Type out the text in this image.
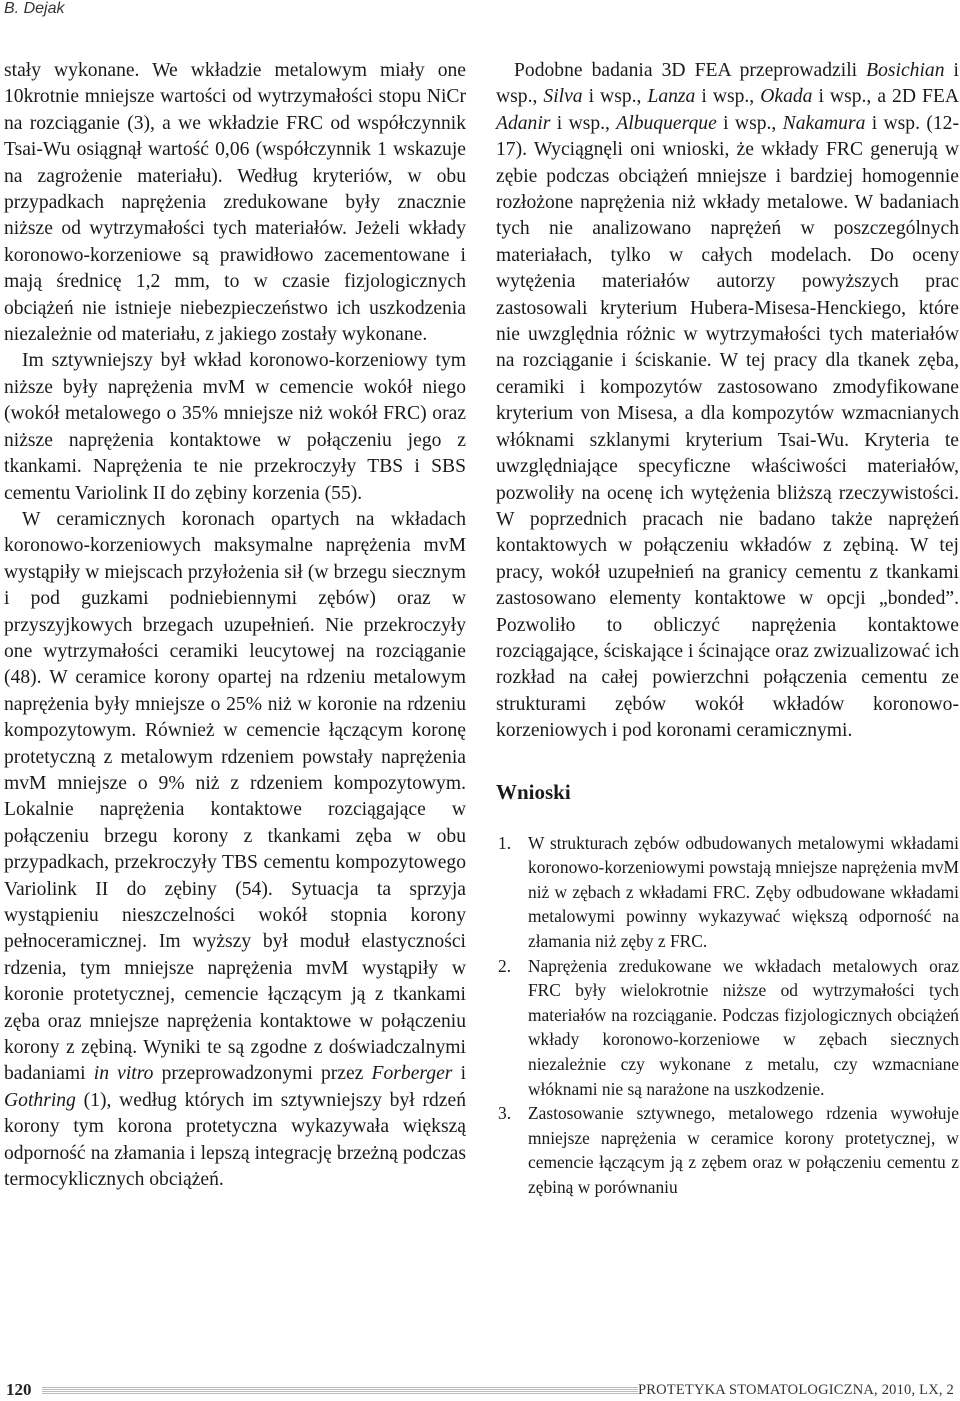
B. Dejak

stały wykonane. We wkładzie metalowym miały one 10krotnie mniejsze wartości od wytrzymałości stopu NiCr na rozciąganie (3), a we wkładzie FRC od współczynnik Tsai-Wu osiągnął wartość 0,06 (współczynnik 1 wskazuje na zagrożenie materiału). Według kryteriów, w obu przypadkach naprężenia zredukowane były znacznie niższe od wytrzymałości tych materiałów. Jeżeli wkłady koronowo-korzeniowe są prawidłowo zacementowane i mają średnicę 1,2 mm, to w czasie fizjologicznych obciążeń nie istnieje niebezpieczeństwo ich uszkodzenia niezależnie od materiału, z jakiego zostały wykonane.

Im sztywniejszy był wkład koronowo-korzeniowy tym niższe były naprężenia mvM w cemencie wokół niego (wokół metalowego o 35% mniejsze niż wokół FRC) oraz niższe naprężenia kontaktowe w połączeniu jego z tkankami. Naprężenia te nie przekroczyły TBS i SBS cementu Variolink II do zębiny korzenia (55).

W ceramicznych koronach opartych na wkładach koronowo-korzeniowych maksymalne naprężenia mvM wystąpiły w miejscach przyłożenia sił (w brzegu siecznym i pod guzkami podniebiennymi zębów) oraz w przyszyjkowych brzegach uzupełnień. Nie przekroczyły one wytrzymałości ceramiki leucytowej na rozciąganie (48). W ceramice korony opartej na rdzeniu metalowym naprężenia były mniejsze o 25% niż w koronie na rdzeniu kompozytowym. Również w cemencie łączącym koronę protetyczną z metalowym rdzeniem powstały naprężenia mvM mniejsze o 9% niż z rdzeniem kompozytowym. Lokalnie naprężenia kontaktowe rozciągające w połączeniu brzegu korony z tkankami zęba w obu przypadkach, przekroczyły TBS cementu kompozytowego Variolink II do zębiny (54). Sytuacja ta sprzyja wystąpieniu nieszczelności wokół stopnia korony pełnoceramicznej. Im wyższy był moduł elastyczności rdzenia, tym mniejsze naprężenia mvM wystąpiły w koronie protetycznej, cemencie łączącym ją z tkankami zęba oraz mniejsze naprężenia kontaktowe w połączeniu korony z zębiną. Wyniki te są zgodne z doświadczalnymi badaniami in vitro przeprowadzonymi przez Forberger i Gothring (1), według których im sztywniejszy był rdzeń korony tym korona protetyczna wykazywała większą odporność na złamania i lepszą integrację brzeżną podczas termocyklicznych obciążeń.

Podobne badania 3D FEA przeprowadzili Bosichian i wsp., Silva i wsp., Lanza i wsp., Okada i wsp., a 2D FEA Adanir i wsp., Albuquerque i wsp., Nakamura i wsp. (12-17). Wyciągnęli oni wnioski, że wkłady FRC generują w zębie podczas obciążeń mniejsze i bardziej homogennie rozłożone naprężenia niż wkłady metalowe. W badaniach tych nie analizowano naprężeń w poszczególnych materiałach, tylko w całych modelach. Do oceny wytężenia materiałów autorzy powyższych prac zastosowali kryterium Hubera-Misesa-Henckiego, które nie uwzględnia różnic w wytrzymałości tych materiałów na rozciąganie i ściskanie. W tej pracy dla tkanek zęba, ceramiki i kompozytów zastosowano zmodyfikowane kryterium von Misesa, a dla kompozytów wzmacnianych włóknami szklanymi kryterium Tsai-Wu. Kryteria te uwzględniające specyficzne właściwości materiałów, pozwoliły na ocenę ich wytężenia bliższą rzeczywistości. W poprzednich pracach nie badano także naprężeń kontaktowych w połączeniu wkładów z zębiną. W tej pracy, wokół uzupełnień na granicy cementu z tkankami zastosowano elementy kontaktowe w opcji „bonded”. Pozwoliło to obliczyć naprężenia kontaktowe rozciągające, ściskające i ścinające oraz zwizualizować ich rozkład na całej powierzchni połączenia cementu ze strukturami zębów wokół wkładów koronowo-korzeniowych i pod koronami ceramicznymi.

Wnioski
1. W strukturach zębów odbudowanych metalowymi wkładami koronowo-korzeniowymi powstają mniejsze naprężenia mvM niż w zębach z wkładami FRC. Zęby odbudowane wkładami metalowymi powinny wykazywać większą odporność na złamania niż zęby z FRC.
2. Naprężenia zredukowane we wkładach metalowych oraz FRC były wielokrotnie niższe od wytrzymałości tych materiałów na rozciąganie. Podczas fizjologicznych obciążeń wkłady koronowo-korzeniowe w zębach siecznych niezależnie czy wykonane z metalu, czy wzmacniane włóknami nie są narażone na uszkodzenie.
3. Zastosowanie sztywnego, metalowego rdzenia wywołuje mniejsze naprężenia w ceramice korony protetycznej, w cemencie łączącym ją z zębem oraz w połączeniu cementu z zębiną w porównaniu
120	PROTETYKA STOMATOLOGICZNA, 2010, LX, 2
